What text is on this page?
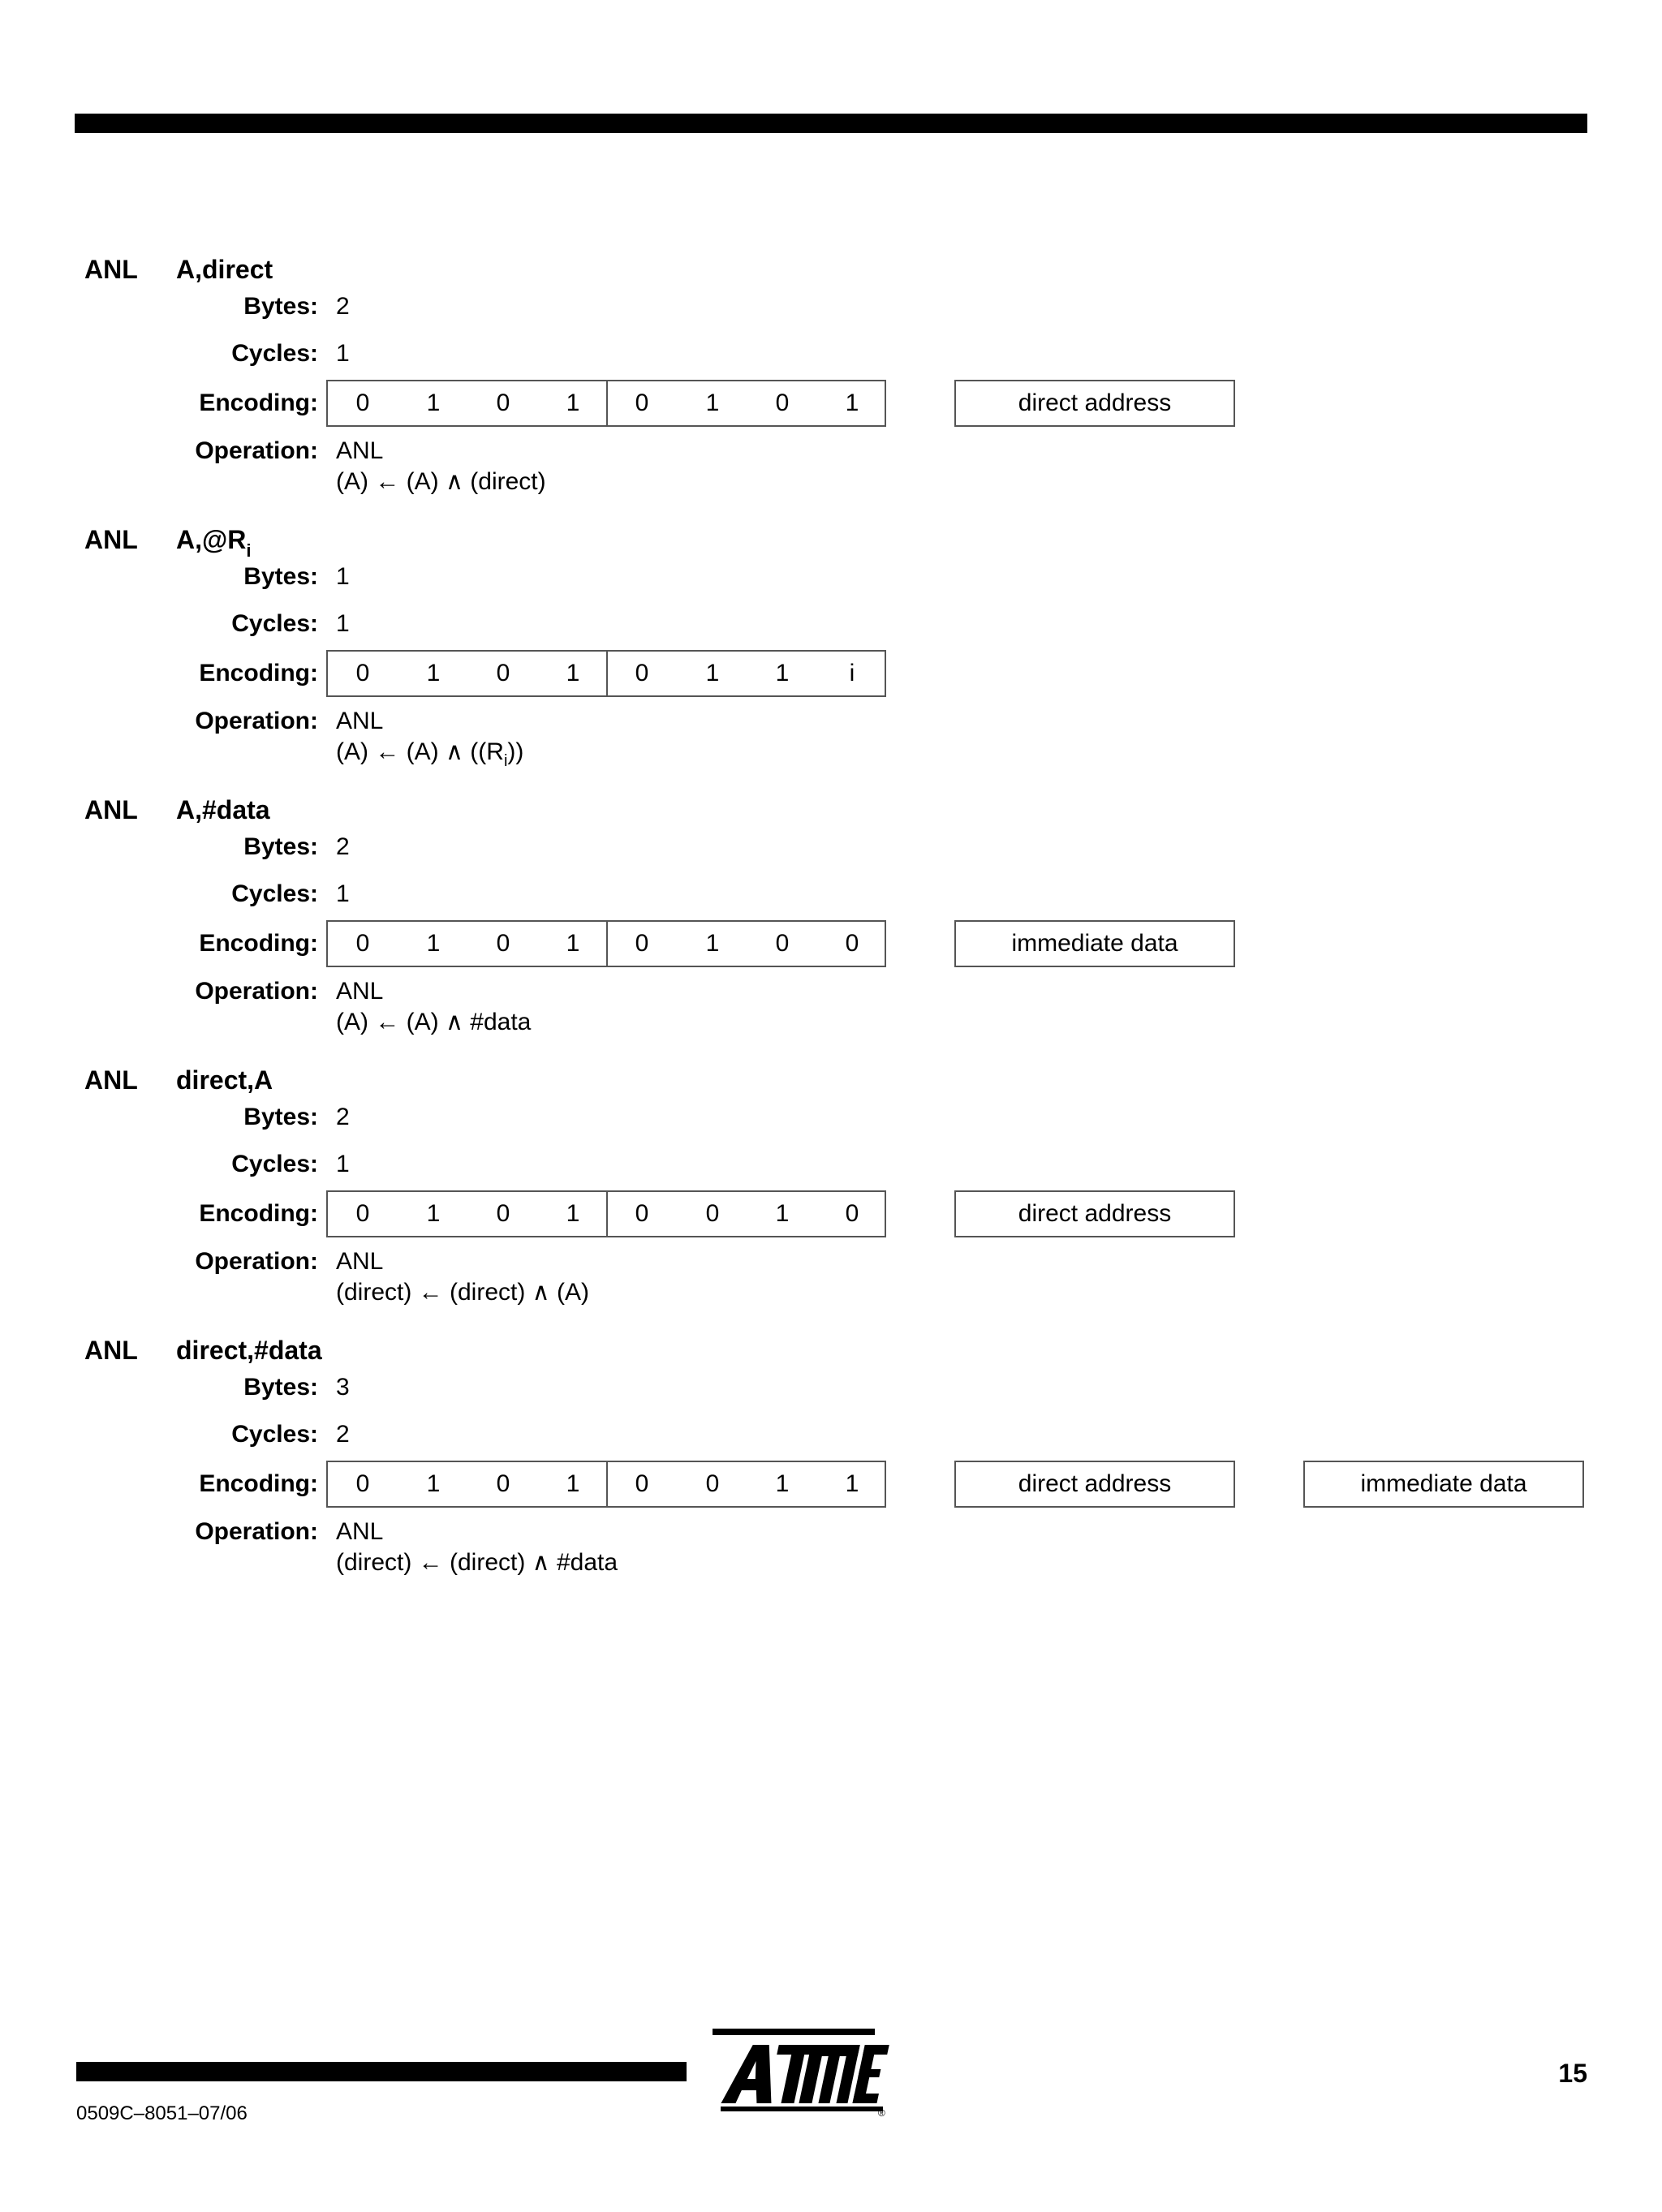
ANL A,direct
Bytes: 2
Cycles: 1
Encoding:	0	1	0	1	0	1	0	1	direct address
Operation: ANL
(A) ← (A) ∧ (direct)
ANL $A,@R_i$
Bytes: 1
Cycles: 1
Encoding:	0	1	0	1	0	1	1	i
Operation: ANL
(A) ← (A) ∧ $((R_i))$
ANL A,#data
Bytes: 2
Cycles: 1
Encoding:	0	1	0	1	0	1	0	0	immediate data
Operation: ANL
(A) ← (A) ∧ #data
ANL direct,A
Bytes: 2
Cycles: 1
Encoding:	0	1	0	1	0	0	1	0	direct address
Operation: ANL
(direct) ← (direct) ∧ (A)
ANL direct,#data
Bytes: 3
Cycles: 2
Encoding:	0	1	0	1	0	0	1	1	direct address	immediate data
Operation: ANL
(direct) ← (direct) ∧ #data
0509C–8051–07/06
15
®
